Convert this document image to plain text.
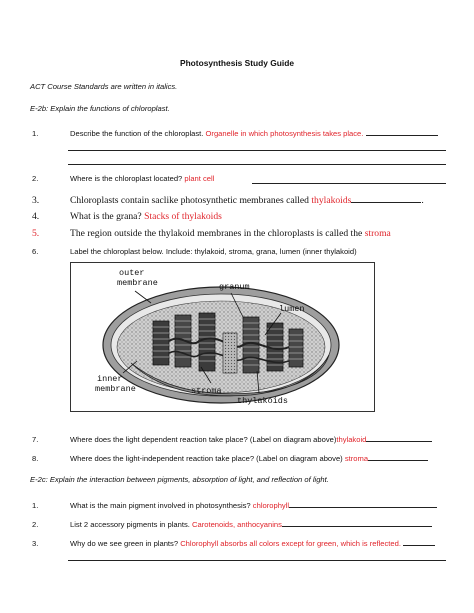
Photosynthesis Study Guide
ACT Course Standards are written in italics.
E-2b: Explain the functions of chloroplast.
1.	Describe the function of the chloroplast. Organelle in which photosynthesis takes place.
2.	Where is the chloroplast located? plant cell
3.	Chloroplasts contain saclike photosynthetic membranes called thylakoids	.
4.	What is the grana? Stacks of thylakoids
5.	The region outside the thylakoid membranes in the chloroplasts is called the stroma
6.	Label the chloroplast below. Include: thylakoid, stroma, grana, lumen (inner thylakoid)
outer
membrane	granum
lumen
inner
membrane	stroma
thylakoids
7.	Where does the light dependent reaction take place? (Label on diagram above)thylakoid
8.	Where does the light-independent reaction take place? (Label on diagram above) stroma
E-2c: Explain the interaction between pigments, absorption of light, and reflection of light.
1.	What is the main pigment involved in photosynthesis? chlorophyll
2.	List 2 accessory pigments in plants. Carotenoids, anthocyanins
3.	Why do we see green in plants? Chlorophyll absorbs all colors except for green, which is reflected.
